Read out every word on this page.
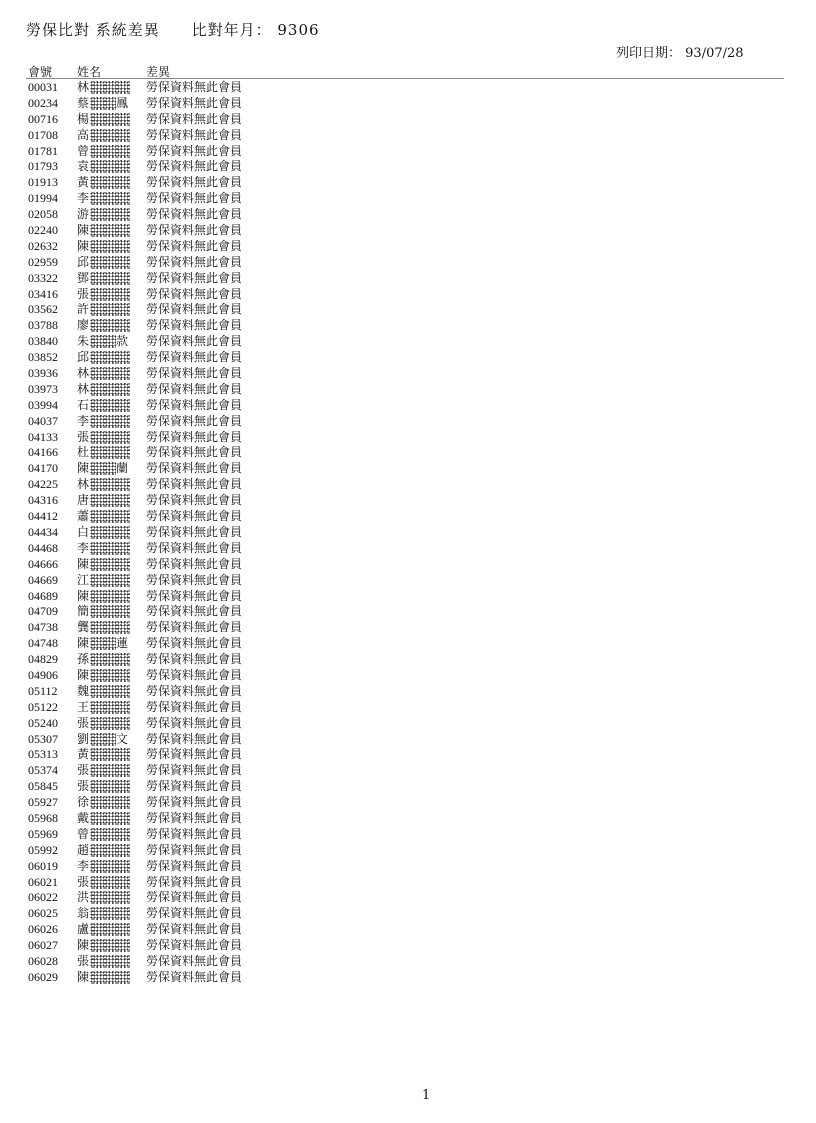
勞保比對 系統差異 比對年月： 9306
列印日期： 93/07/28
會號 姓名	差異
00031 林	勞保資料無此會員
00234 蔡 鳳 勞保資料無此會員
00716 楊	勞保資料無此會員
01708 高	勞保資料無此會員
01781 曾	勞保資料無此會員
01793 袁	勞保資料無此會員
01913 黃	勞保資料無此會員
01994 李	勞保資料無此會員
02058 游	勞保資料無此會員
02240 陳	勞保資料無此會員
02632 陳	勞保資料無此會員
02959 邱	勞保資料無此會員
03322 鄧	勞保資料無此會員
03416 張	勞保資料無此會員
03562 許	勞保資料無此會員
03788 廖	勞保資料無此會員
03840 朱 款 勞保資料無此會員
03852 邱	勞保資料無此會員
03936 林	勞保資料無此會員
03973 林	勞保資料無此會員
03994 石	勞保資料無此會員
04037 李	勞保資料無此會員
04133 張	勞保資料無此會員
04166 杜	勞保資料無此會員
04170 陳 蘭 勞保資料無此會員
04225 林	勞保資料無此會員
04316 唐	勞保資料無此會員
04412 蕭	勞保資料無此會員
04434 白	勞保資料無此會員
04468 李	勞保資料無此會員
04666 陳	勞保資料無此會員
04669 江	勞保資料無此會員
04689 陳	勞保資料無此會員
04709 簡	勞保資料無此會員
04738 龔	勞保資料無此會員
04748 陳 蓮 勞保資料無此會員
04829 孫	勞保資料無此會員
04906 陳	勞保資料無此會員
05112 魏	勞保資料無此會員
05122 王	勞保資料無此會員
05240 張	勞保資料無此會員
05307 劉 文 勞保資料無此會員
05313 黃	勞保資料無此會員
05374 張	勞保資料無此會員
05845 張	勞保資料無此會員
05927 徐	勞保資料無此會員
05968 戴	勞保資料無此會員
05969 曾	勞保資料無此會員
05992 趙	勞保資料無此會員
06019 李	勞保資料無此會員
06021 張	勞保資料無此會員
06022 洪	勞保資料無此會員
06025 翁	勞保資料無此會員
06026 盧	勞保資料無此會員
06027 陳	勞保資料無此會員
06028 張	勞保資料無此會員
06029 陳	勞保資料無此會員
1
